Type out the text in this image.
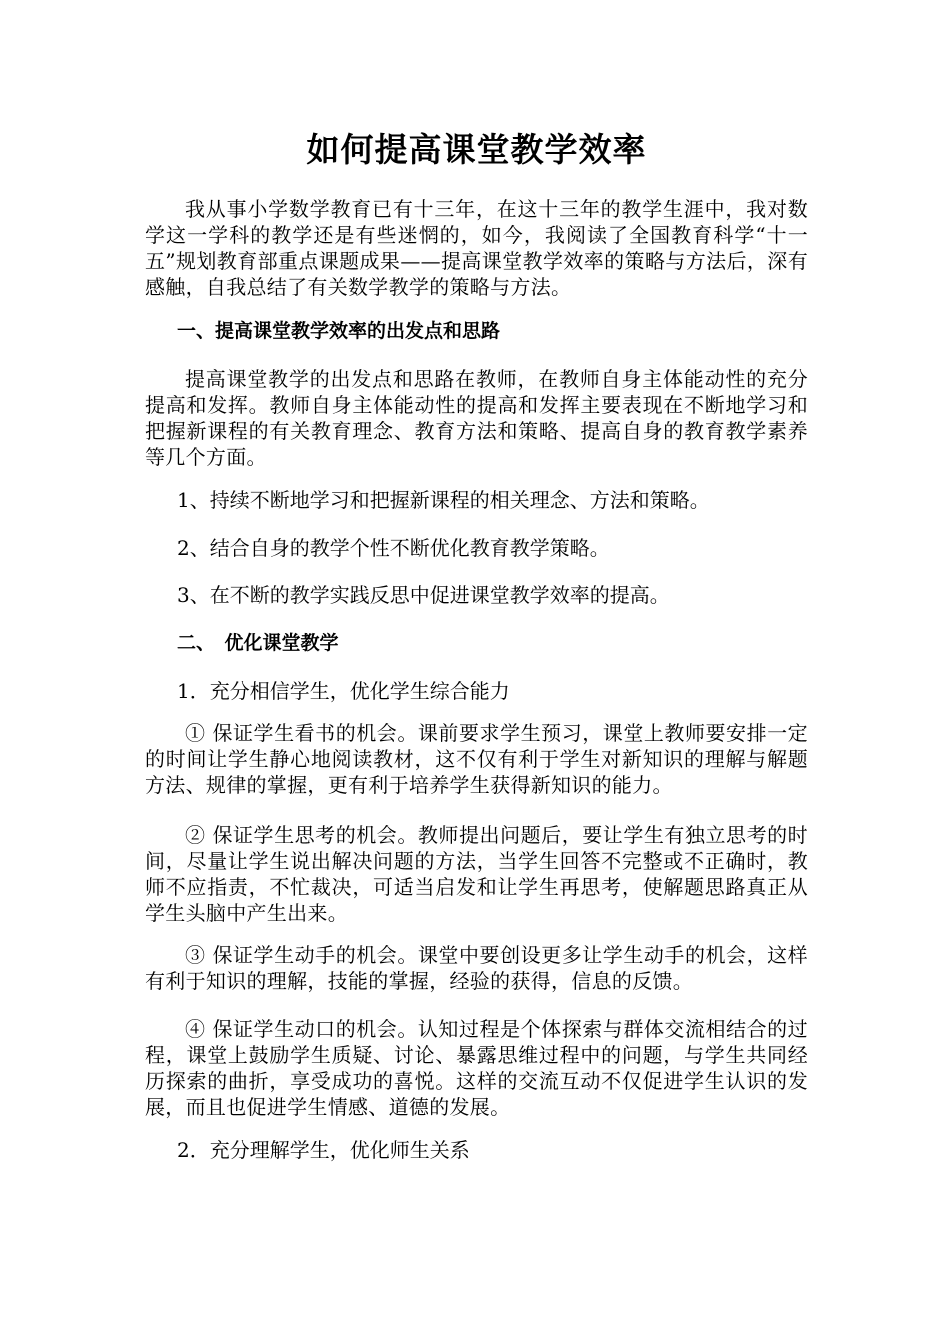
如何提高课堂教学效率

我从事小学数学教育已有十三年，在这十三年的教学生涯中，我对数学这一学科的教学还是有些迷惘的，如今，我阅读了全国教育科学“十一五”规划教育部重点课题成果——提高课堂教学效率的策略与方法后，深有感触，自我总结了有关数学教学的策略与方法。

一、提高课堂教学效率的出发点和思路

提高课堂教学的出发点和思路在教师，在教师自身主体能动性的充分提高和发挥。教师自身主体能动性的提高和发挥主要表现在不断地学习和把握新课程的有关教育理念、教育方法和策略、提高自身的教育教学素养等几个方面。

1、持续不断地学习和把握新课程的相关理念、方法和策略。

2、结合自身的教学个性不断优化教育教学策略。

3、在不断的教学实践反思中促进课堂教学效率的提高。

二、　优化课堂教学

1．充分相信学生，优化学生综合能力

① 保证学生看书的机会。课前要求学生预习，课堂上教师要安排一定的时间让学生静心地阅读教材，这不仅有利于学生对新知识的理解与解题方法、规律的掌握，更有利于培养学生获得新知识的能力。

② 保证学生思考的机会。教师提出问题后，要让学生有独立思考的时间，尽量让学生说出解决问题的方法，当学生回答不完整或不正确时，教师不应指责，不忙裁决，可适当启发和让学生再思考，使解题思路真正从学生头脑中产生出来。

③ 保证学生动手的机会。课堂中要创设更多让学生动手的机会，这样有利于知识的理解，技能的掌握，经验的获得，信息的反馈。

④ 保证学生动口的机会。认知过程是个体探索与群体交流相结合的过程，课堂上鼓励学生质疑、讨论、暴露思维过程中的问题，与学生共同经历探索的曲折，享受成功的喜悦。这样的交流互动不仅促进学生认识的发展，而且也促进学生情感、道德的发展。

2．充分理解学生，优化师生关系
